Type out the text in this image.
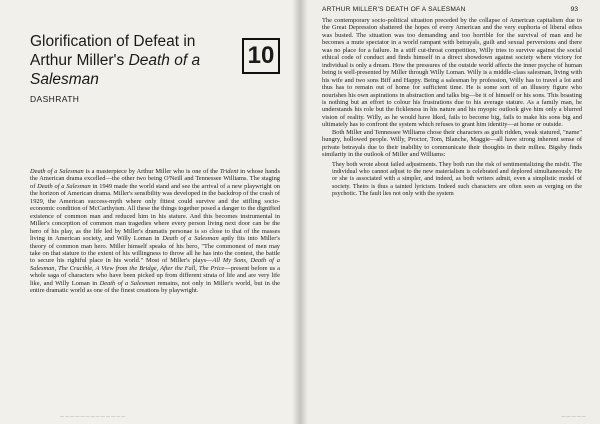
Glorification of Defeat in
Arthur Miller's Death of a
Salesman
10
DASHRATH

Death of a Salesman is a masterpiece by Arthur Miller who is one of the Trident in whose hands the American drama excelled—the other two being O'Neill and Tennessee Williams. The staging of Death of a Salesman in 1949 made the world stand and see the arrival of a new playwright on the horizon of American drama. Miller's sensibility was developed in the backdrop of the crash of 1929, the American success-myth where only fittest could survive and the stifling socio-economic condition of McCarthyism. All these the things together posed a danger to the dignified existence of common man and reduced him in his stature. And this becomes instrumental in Miller's conception of common man tragedies where every person living next door can be the hero of his play, as the life led by Miller's dramatis personae is so close to that of the masses living in American society, and Willy Loman in Death of a Salesman aptly fits into Miller's theory of common man hero. Miller himself speaks of his hero, "The commonest of men may take on that stature to the extent of his willingness to throw all he has into the contest, the battle to secure his rightful place in his world." Most of Miller's plays—All My Sons, Death of a Salesman, The Crucible, A View from the Bridge, After the Fall, The Price—present before us a whole saga of characters who have been picked up from different strata of life and are very life like, and Willy Loman in Death of a Salesman remains, not only in Miller's world, but in the entire dramatic world as one of the finest creations by playwright.

— — — — — — — — — — — — —
ARTHUR MILLER'S DEATH OF A SALESMAN	93

The contemporary socio-political situation preceded by the collapse of American capitalism due to the Great Depression shattered the hopes of every American and the very euphoria of liberal ethos was busted. The situation was too demanding and too horrible for the survival of man and he becomes a mute spectator in a world rampant with betrayals, guilt and sexual perversions and there was no place for a failure. In a stiff cut-throat competition, Willy tries to survive against the social ethical code of conduct and finds himself in a direct showdown against society where victory for individual is only a dream. How the pressures of the outside world affects the inner psyche of human being is well-presented by Miller through Willy Loman. Willy is a middle-class salesman, living with his wife and two sons Biff and Happy. Being a salesman by profession, Willy has to travel a lot and thus has to remain out of home for sufficient time. He is some sort of an illusory figure who nourishes his own aspirations in abstraction and talks big—be it of himself or his sons. This boasting is nothing but an effort to colour his frustrations due to his average stature. As a family man, he understands his role but the fickleness in his nature and his myopic outlook give him only a blurred vision of reality. Willy, as he would have liked, fails to become big, fails to make his sons big and ultimately has to confront the system which refuses to grant him identity—at home or outside.

Both Miller and Tennessee Williams chose their characters as guilt ridden, weak statured, "name" hungry, hollowed people. Willy, Proctor, Tom, Blanche, Maggie—all have strong inherent sense of private betrayals due to their inability to communicate their thoughts in their milieu. Bigsby finds similarity in the outlook of Miller and Williams:

They both wrote about failed adjustments. They both run the risk of sentimentalizing the misfit. The individual who cannot adjust to the new materialism is celebrated and deplored simultaneously. He or she is associated with a simpler, and indeed, as both writers admit, even a simplistic model of society. Theirs is thus a tainted lyricism. Indeed such characters are often seen as verging on the psychotic. The fault lies not only with the system
— — — — —
